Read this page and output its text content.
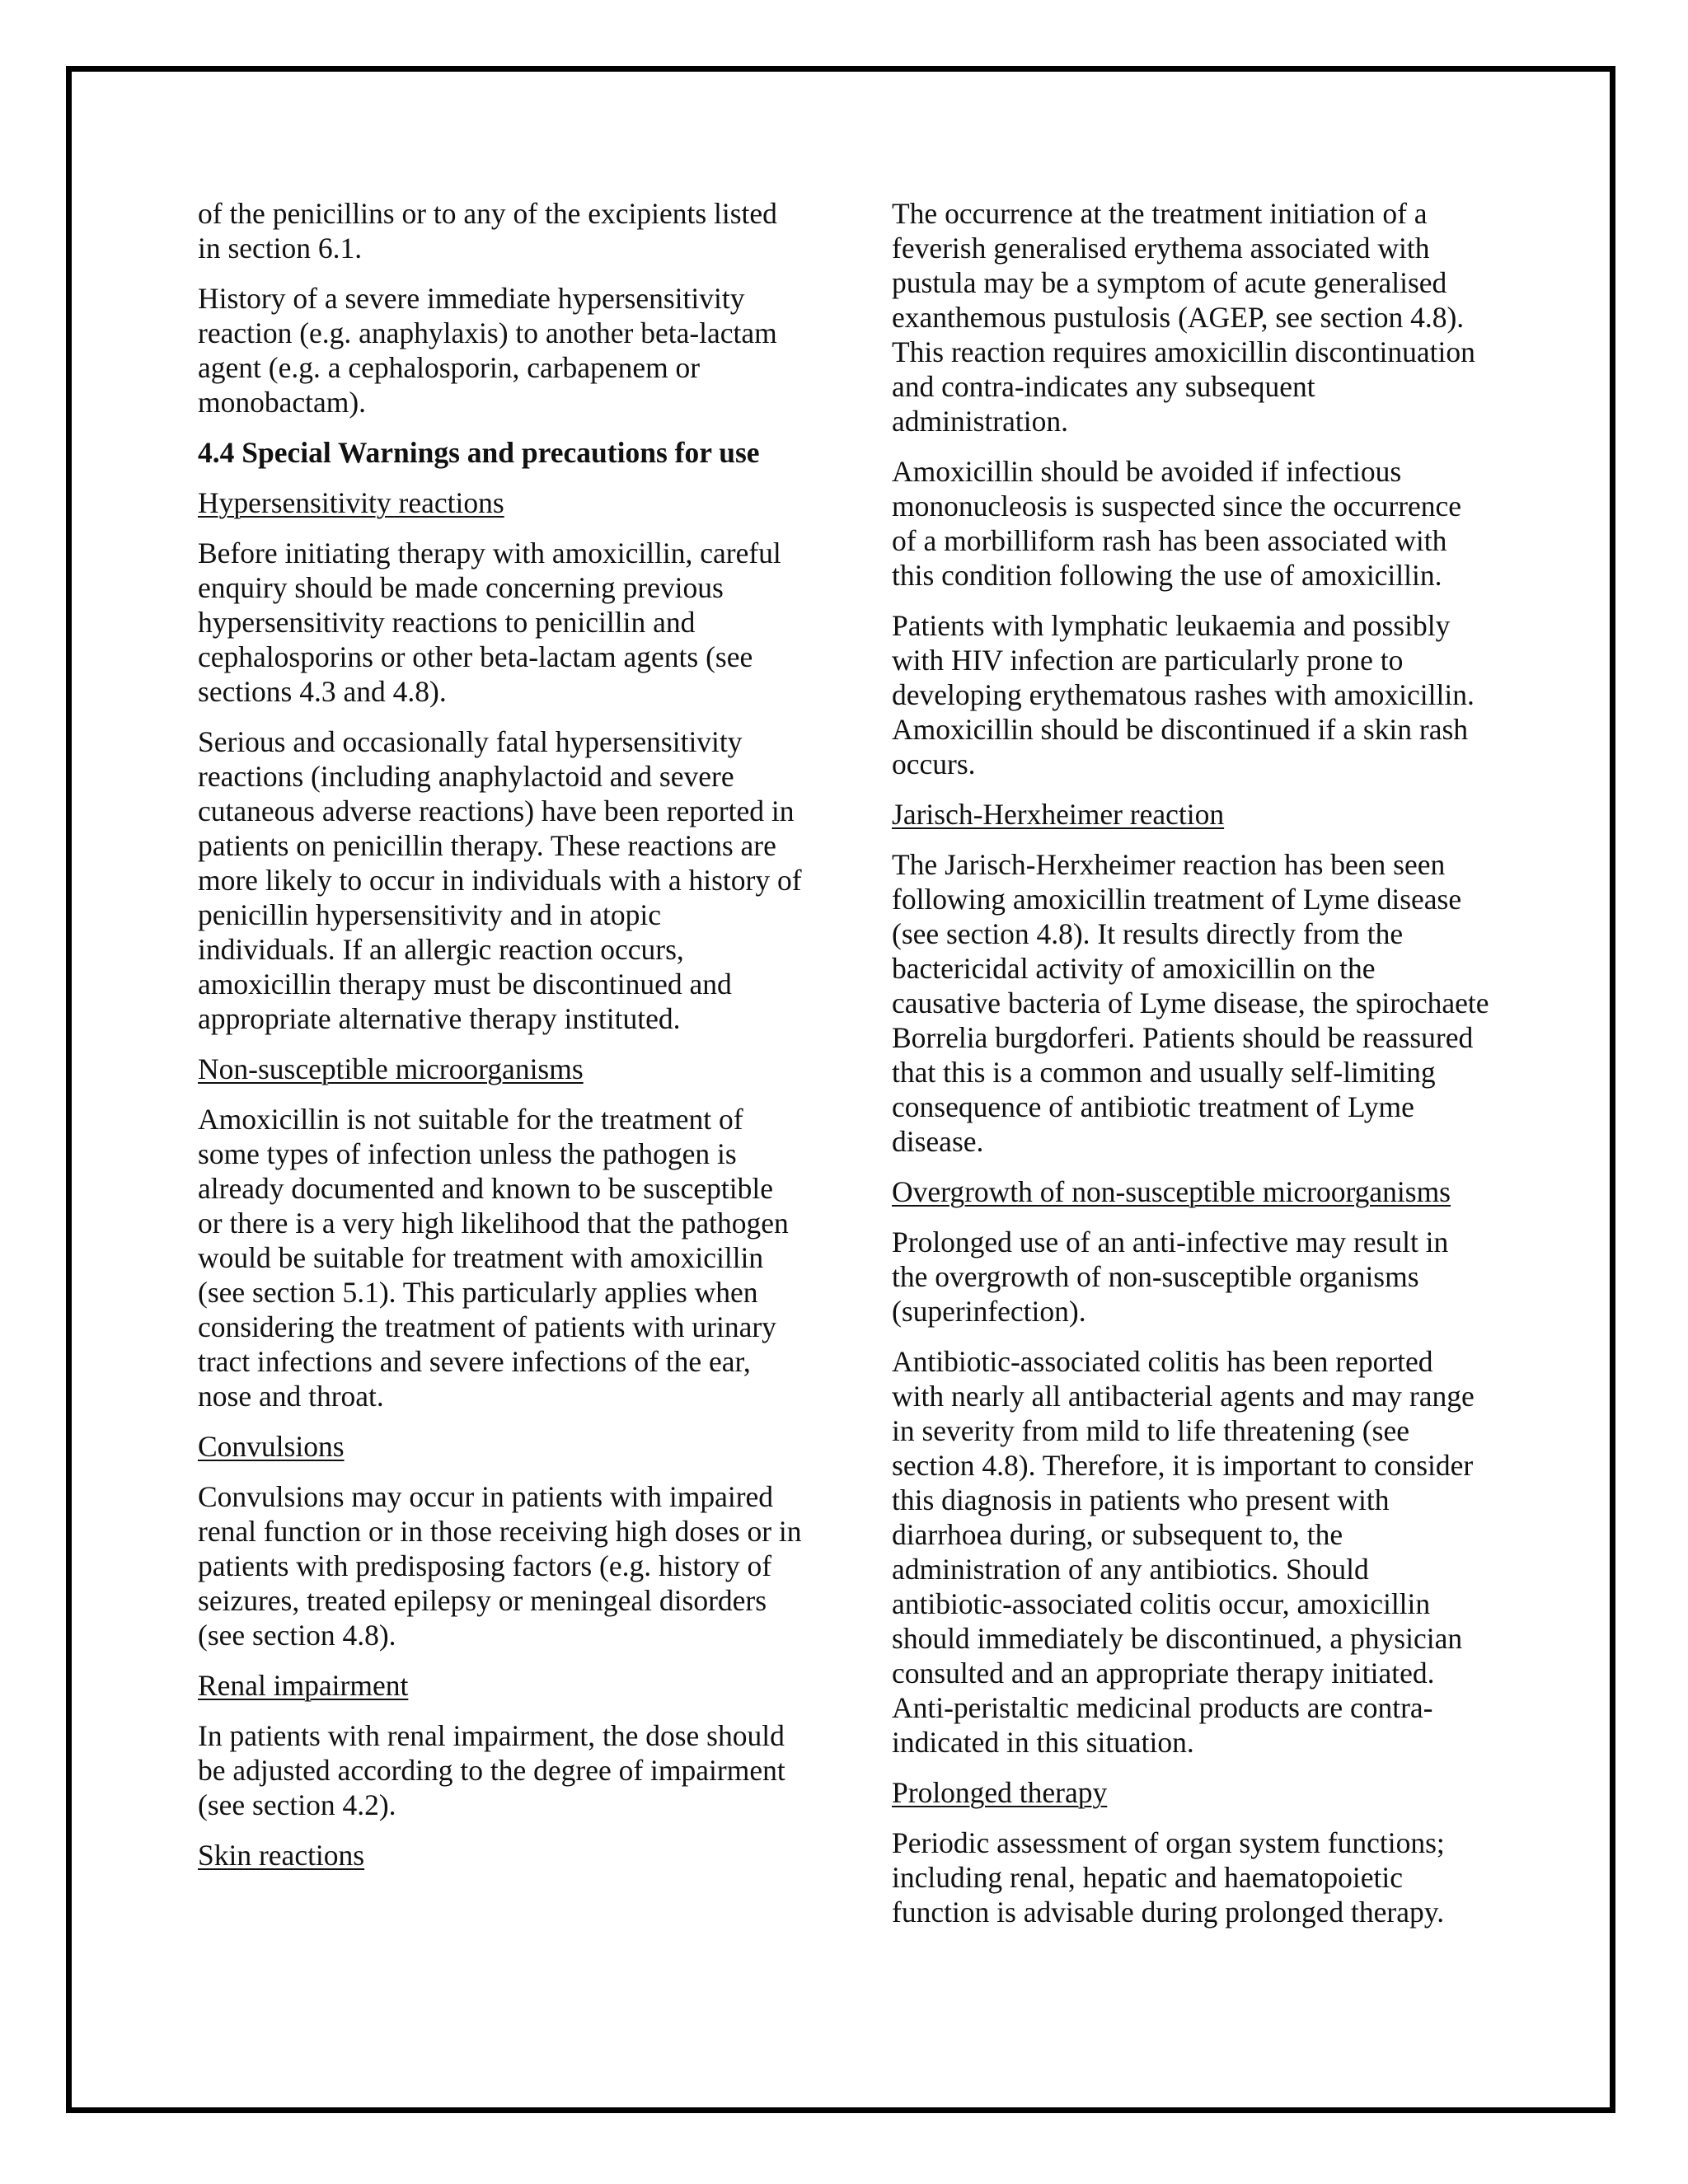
of the penicillins or to any of the excipients listed in section 6.1.

History of a severe immediate hypersensitivity reaction (e.g. anaphylaxis) to another beta-lactam agent (e.g. a cephalosporin, carbapenem or monobactam).

4.4 Special Warnings and precautions for use

Hypersensitivity reactions

Before initiating therapy with amoxicillin, careful enquiry should be made concerning previous hypersensitivity reactions to penicillin and cephalosporins or other beta-lactam agents (see sections 4.3 and 4.8).

Serious and occasionally fatal hypersensitivity reactions (including anaphylactoid and severe cutaneous adverse reactions) have been reported in patients on penicillin therapy. These reactions are more likely to occur in individuals with a history of penicillin hypersensitivity and in atopic individuals. If an allergic reaction occurs, amoxicillin therapy must be discontinued and appropriate alternative therapy instituted.

Non-susceptible microorganisms

Amoxicillin is not suitable for the treatment of some types of infection unless the pathogen is already documented and known to be susceptible or there is a very high likelihood that the pathogen would be suitable for treatment with amoxicillin (see section 5.1). This particularly applies when considering the treatment of patients with urinary tract infections and severe infections of the ear, nose and throat.

Convulsions

Convulsions may occur in patients with impaired renal function or in those receiving high doses or in patients with predisposing factors (e.g. history of seizures, treated epilepsy or meningeal disorders (see section 4.8).

Renal impairment

In patients with renal impairment, the dose should be adjusted according to the degree of impairment (see section 4.2).

Skin reactions

The occurrence at the treatment initiation of a feverish generalised erythema associated with pustula may be a symptom of acute generalised exanthemous pustulosis (AGEP, see section 4.8). This reaction requires amoxicillin discontinuation and contra-indicates any subsequent administration.

Amoxicillin should be avoided if infectious mononucleosis is suspected since the occurrence of a morbilliform rash has been associated with this condition following the use of amoxicillin.

Patients with lymphatic leukaemia and possibly with HIV infection are particularly prone to developing erythematous rashes with amoxicillin. Amoxicillin should be discontinued if a skin rash occurs.

Jarisch-Herxheimer reaction

The Jarisch-Herxheimer reaction has been seen following amoxicillin treatment of Lyme disease (see section 4.8). It results directly from the bactericidal activity of amoxicillin on the causative bacteria of Lyme disease, the spirochaete Borrelia burgdorferi. Patients should be reassured that this is a common and usually self-limiting consequence of antibiotic treatment of Lyme disease.

Overgrowth of non-susceptible microorganisms

Prolonged use of an anti-infective may result in the overgrowth of non-susceptible organisms (superinfection).

Antibiotic-associated colitis has been reported with nearly all antibacterial agents and may range in severity from mild to life threatening (see section 4.8). Therefore, it is important to consider this diagnosis in patients who present with diarrhoea during, or subsequent to, the administration of any antibiotics. Should antibiotic-associated colitis occur, amoxicillin should immediately be discontinued, a physician consulted and an appropriate therapy initiated. Anti-peristaltic medicinal products are contra-indicated in this situation.

Prolonged therapy

Periodic assessment of organ system functions; including renal, hepatic and haematopoietic function is advisable during prolonged therapy.
